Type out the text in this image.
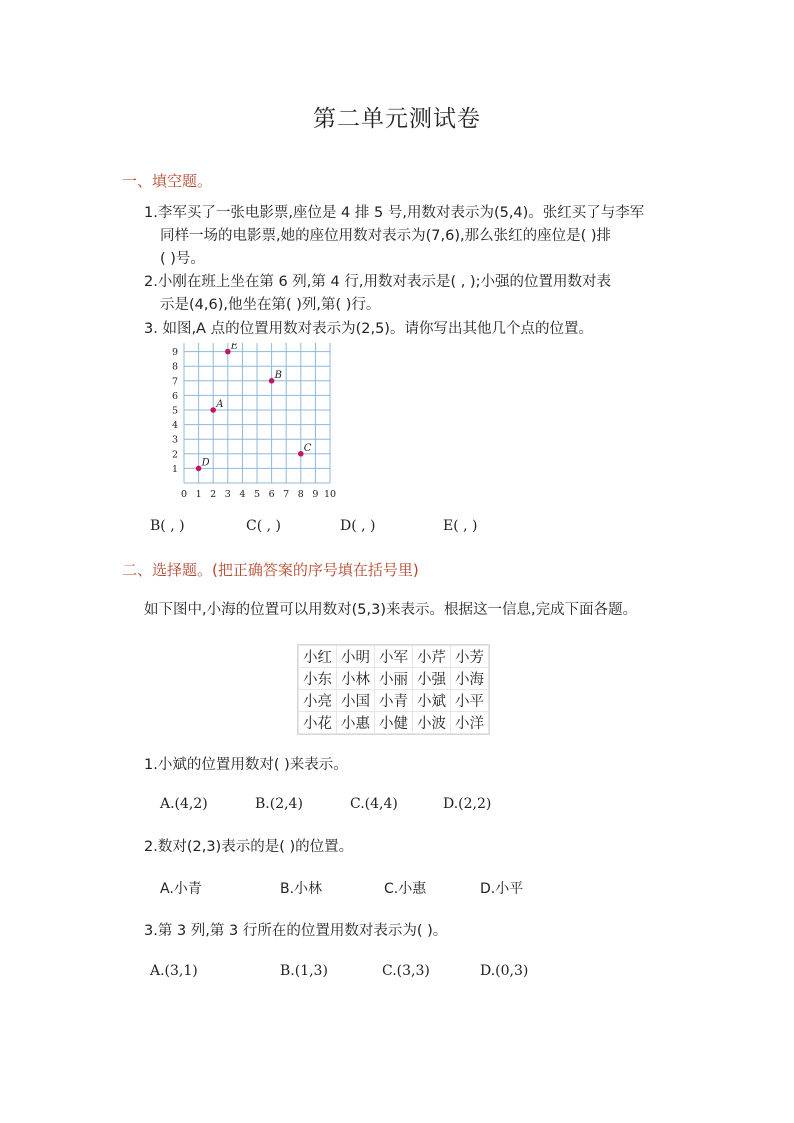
第二单元测试卷
一、填空题。
1.李军买了一张电影票,座位是 4 排 5 号,用数对表示为(5,4)。张红买了与李军
同样一场的电影票,她的座位用数对表示为(7,6),那么张红的座位是( )排
( )号。
2.小刚在班上坐在第 6 列,第 4 行,用数对表示是( , );小强的位置用数对表
示是(4,6),他坐在第( )列,第( )行。
3. 如图,A 点的位置用数对表示为(2,5)。请你写出其他几个点的位置。
0 1 2 3 4 5 6 7 8 9 10
1
2
3
4
5
6
7
8
9
A
B
C
D
E
B( , )	C( , )	D( , )	E( , )
二、选择题。(把正确答案的序号填在括号里)
如下图中,小海的位置可以用数对(5,3)来表示。根据这一信息,完成下面各题。
小红	小明	小军	小芹	小芳
小东	小林	小丽	小强	小海
小亮	小国	小青	小斌	小平
小花	小惠	小健	小波	小洋
1.小斌的位置用数对( )来表示。
A.(4,2)	B.(2,4)	C.(4,4)	D.(2,2)
2.数对(2,3)表示的是( )的位置。
A.小青	B.小林	C.小惠	D.小平
3.第 3 列,第 3 行所在的位置用数对表示为( )。
A.(3,1)	B.(1,3)	C.(3,3)	D.(0,3)
